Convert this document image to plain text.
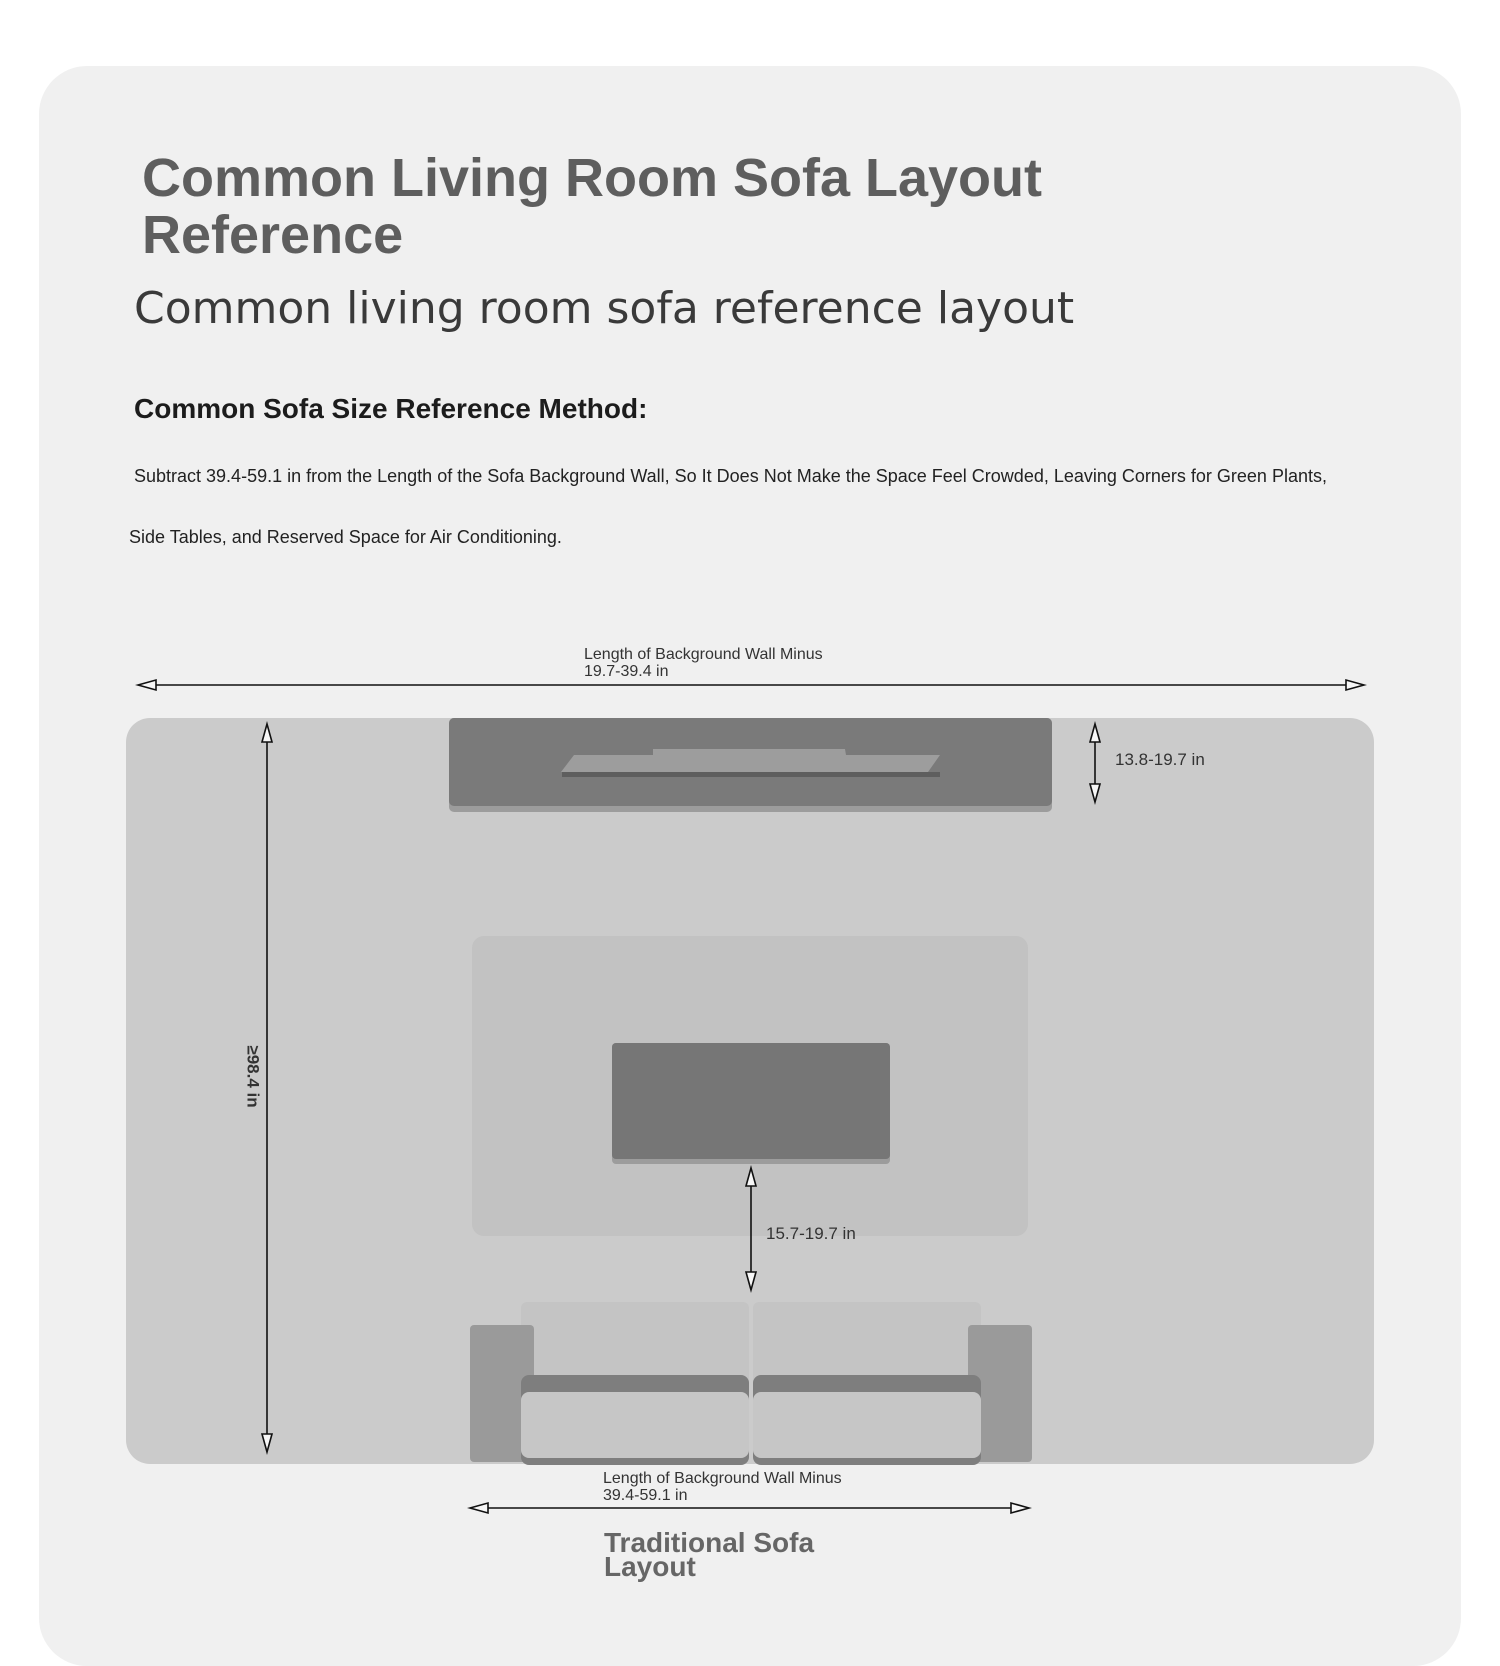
Common Living Room Sofa Layout Reference
Common living room sofa reference layout
Common Sofa Size Reference Method:
Subtract 39.4-59.1 in from the Length of the Sofa Background Wall, So It Does Not Make the Space Feel Crowded, Leaving Corners for Green Plants,
Side Tables, and Reserved Space for Air Conditioning.
Length of Background Wall Minus
19.7-39.4 in
13.8-19.7 in
≥98.4 in
15.7-19.7 in
Length of Background Wall Minus
39.4-59.1 in
Traditional Sofa Layout
